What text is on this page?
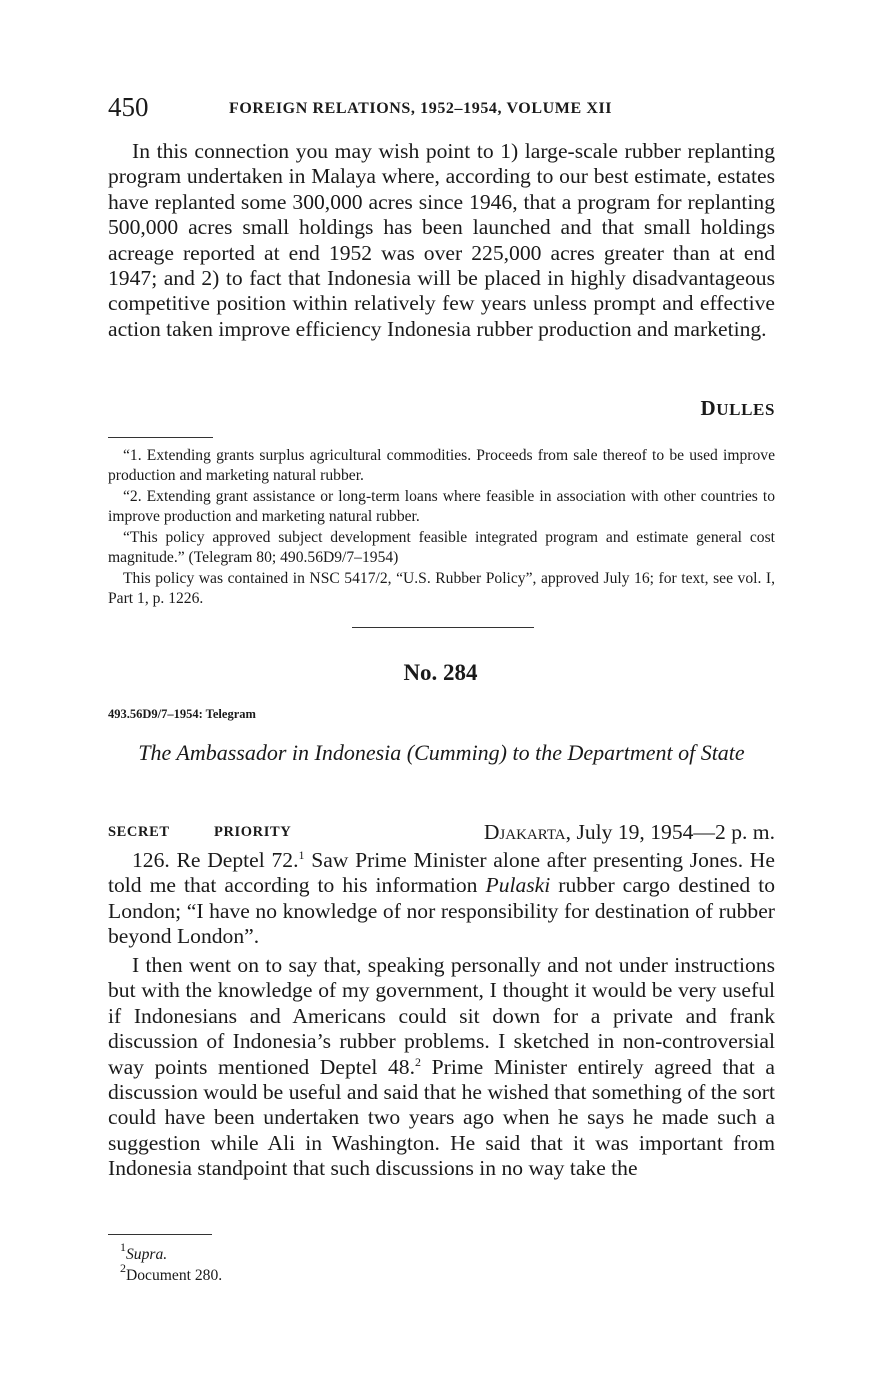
450	FOREIGN RELATIONS, 1952–1954, VOLUME XII

In this connection you may wish point to 1) large-scale rubber replanting program undertaken in Malaya where, according to our best estimate, estates have replanted some 300,000 acres since 1946, that a program for replanting 500,000 acres small holdings has been launched and that small holdings acreage reported at end 1952 was over 225,000 acres greater than at end 1947; and 2) to fact that Indonesia will be placed in highly disadvantageous competitive position within relatively few years unless prompt and effective action taken improve efficiency Indonesia rubber production and marketing.

DULLES

“1. Extending grants surplus agricultural commodities. Proceeds from sale thereof to be used improve production and marketing natural rubber.

“2. Extending grant assistance or long-term loans where feasible in association with other countries to improve production and marketing natural rubber.

“This policy approved subject development feasible integrated program and estimate general cost magnitude.” (Telegram 80; 490.56D9/7–1954)

This policy was contained in NSC 5417/2, “U.S. Rubber Policy”, approved July 16; for text, see vol. I, Part 1, p. 1226.

No. 284
493.56D9/7–1954: Telegram

The Ambassador in Indonesia (Cumming) to the Department of State

SECRET	PRIORITY	Djakarta, July 19, 1954—2 p. m.

126. Re Deptel 72.$^1$ Saw Prime Minister alone after presenting Jones. He told me that according to his information Pulaski rubber cargo destined to London; “I have no knowledge of nor responsibility for destination of rubber beyond London”.

I then went on to say that, speaking personally and not under instructions but with the knowledge of my government, I thought it would be very useful if Indonesians and Americans could sit down for a private and frank discussion of Indonesia’s rubber problems. I sketched in non-controversial way points mentioned Deptel 48.$^2$ Prime Minister entirely agreed that a discussion would be useful and said that he wished that something of the sort could have been undertaken two years ago when he says he made such a suggestion while Ali in Washington. He said that it was important from Indonesia standpoint that such discussions in no way take the

$^1$Supra.
$^2$Document 280.
